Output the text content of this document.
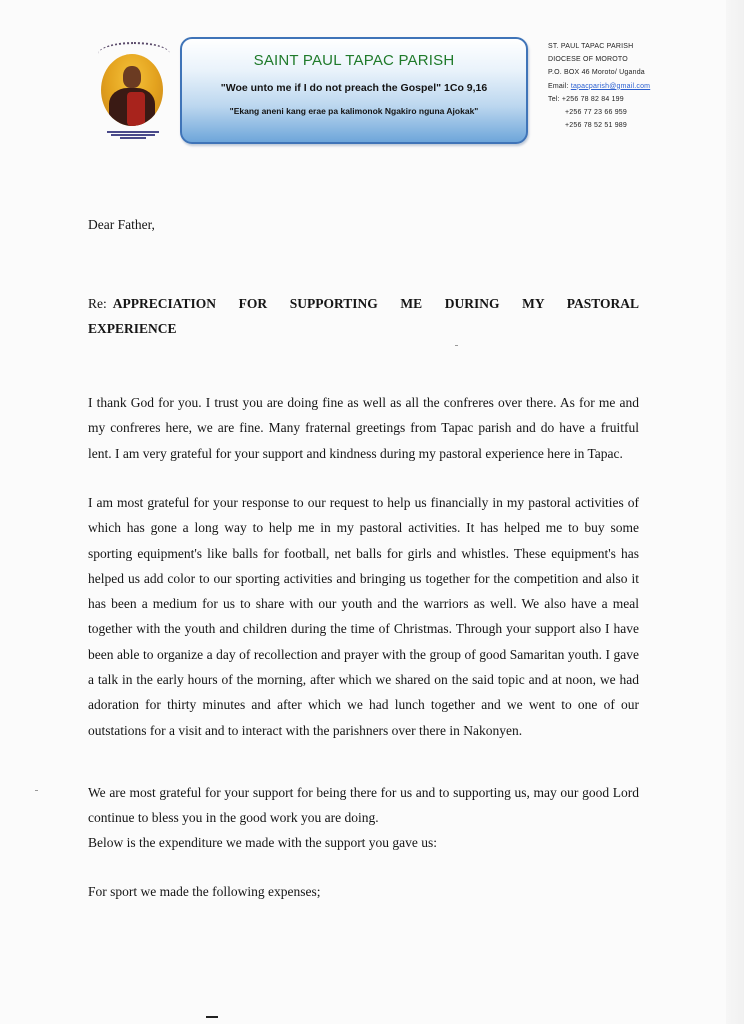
SAINT PAUL TAPAC PARISH
"Woe unto me if I do not preach the Gospel" 1Co 9,16
"Ekang aneni kang erae pa kalimonok Ngakiro nguna Ajokak"
ST. PAUL TAPAC PARISH
DIOCESE OF MOROTO
P.O. BOX 46 Moroto/ Uganda
Email: tapacparish@gmail.com
Tel: +256 78 82 84 199
+256 77 23 66 959
+256 78 52 51 989
Dear Father,
Re: APPRECIATION FOR SUPPORTING ME DURING MY PASTORAL EXPERIENCE

I thank God for you. I trust you are doing fine as well as all the confreres over there. As for me and my confreres here, we are fine. Many fraternal greetings from Tapac parish and do have a fruitful lent. I am very grateful for your support and kindness during my pastoral experience here in Tapac.

I am most grateful for your response to our request to help us financially in my pastoral activities of which has gone a long way to help me in my pastoral activities. It has helped me to buy some sporting equipment's like balls for football, net balls for girls and whistles. These equipment's has helped us add color to our sporting activities and bringing us together for the competition and also it has been a medium for us to share with our youth and the warriors as well. We also have a meal together with the youth and children during the time of Christmas. Through your support also I have been able to organize a day of recollection and prayer with the group of good Samaritan youth. I gave a talk in the early hours of the morning, after which we shared on the said topic and at noon, we had adoration for thirty minutes and after which we had lunch together and we went to one of our outstations for a visit and to interact with the parishners over there in Nakonyen.

We are most grateful for your support for being there for us and to supporting us, may our good Lord continue to bless you in the good work you are doing.

Below is the expenditure we made with the support you gave us:

For sport we made the following expenses;
